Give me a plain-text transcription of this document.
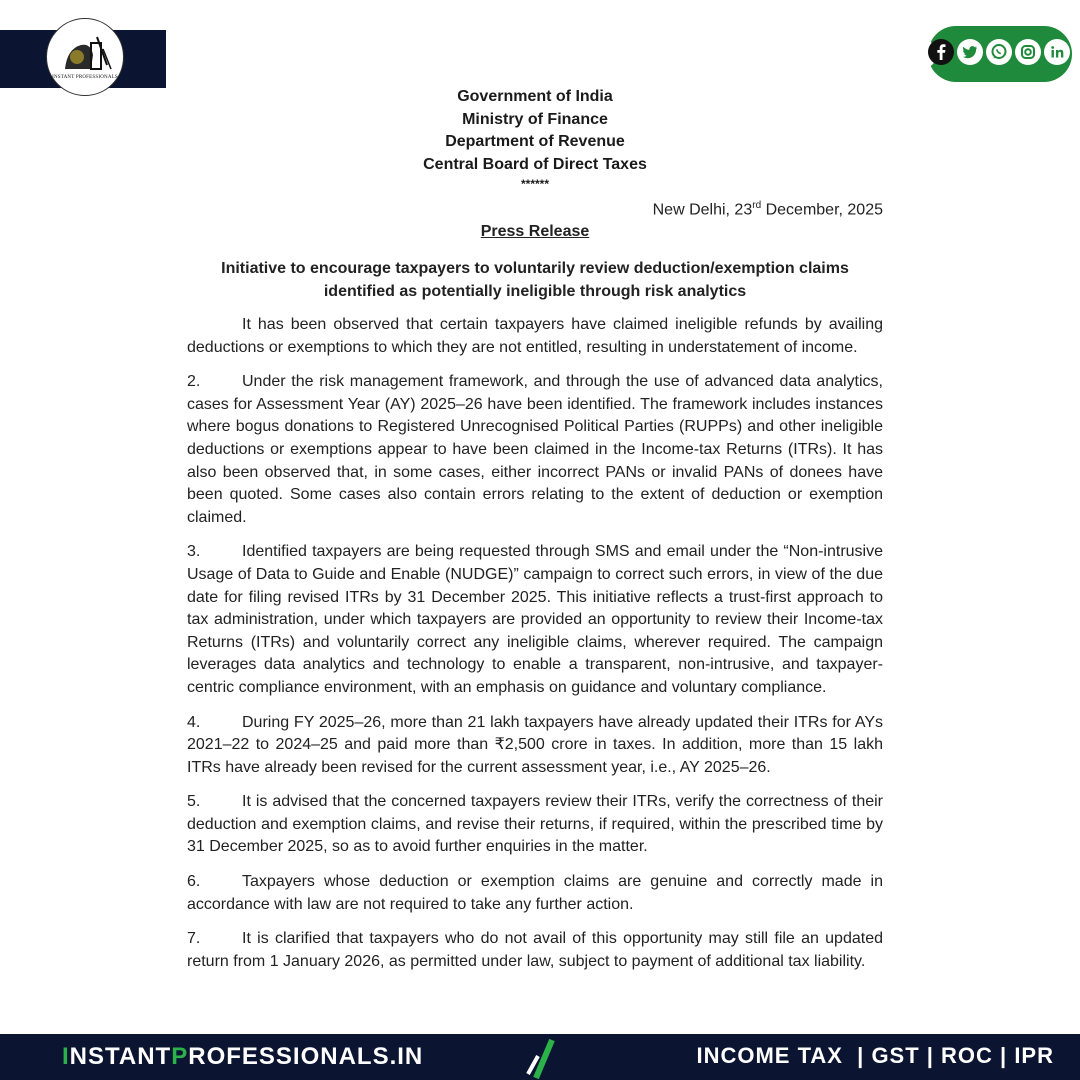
INSTANT PROFESSIONALS
Government of India
Ministry of Finance
Department of Revenue
Central Board of Direct Taxes
******
New Delhi, 23rd December, 2025
Press Release
Initiative to encourage taxpayers to voluntarily review deduction/exemption claims
identified as potentially ineligible through risk analytics

It has been observed that certain taxpayers have claimed ineligible refunds by availing deductions or exemptions to which they are not entitled, resulting in understatement of income.

2.	Under the risk management framework, and through the use of advanced data analytics, cases for Assessment Year (AY) 2025–26 have been identified. The framework includes instances where bogus donations to Registered Unrecognised Political Parties (RUPPs) and other ineligible deductions or exemptions appear to have been claimed in the Income-tax Returns (ITRs). It has also been observed that, in some cases, either incorrect PANs or invalid PANs of donees have been quoted. Some cases also contain errors relating to the extent of deduction or exemption claimed.

3.	Identified taxpayers are being requested through SMS and email under the “Non-intrusive Usage of Data to Guide and Enable (NUDGE)” campaign to correct such errors, in view of the due date for filing revised ITRs by 31 December 2025. This initiative reflects a trust-first approach to tax administration, under which taxpayers are provided an opportunity to review their Income-tax Returns (ITRs) and voluntarily correct any ineligible claims, wherever required. The campaign leverages data analytics and technology to enable a transparent, non-intrusive, and taxpayer-centric compliance environment, with an emphasis on guidance and voluntary compliance.

4.	During FY 2025–26, more than 21 lakh taxpayers have already updated their ITRs for AYs 2021–22 to 2024–25 and paid more than ₹2,500 crore in taxes. In addition, more than 15 lakh ITRs have already been revised for the current assessment year, i.e., AY 2025–26.

5.	It is advised that the concerned taxpayers review their ITRs, verify the correctness of their deduction and exemption claims, and revise their returns, if required, within the prescribed time by 31 December 2025, so as to avoid further enquiries in the matter.

6.	Taxpayers whose deduction or exemption claims are genuine and correctly made in accordance with law are not required to take any further action.

7.	It is clarified that taxpayers who do not avail of this opportunity may still file an updated return from 1 January 2026, as permitted under law, subject to payment of additional tax liability.

INSTANTPROFESSIONALS.IN	INCOME TAX  | GST | ROC | IPR
